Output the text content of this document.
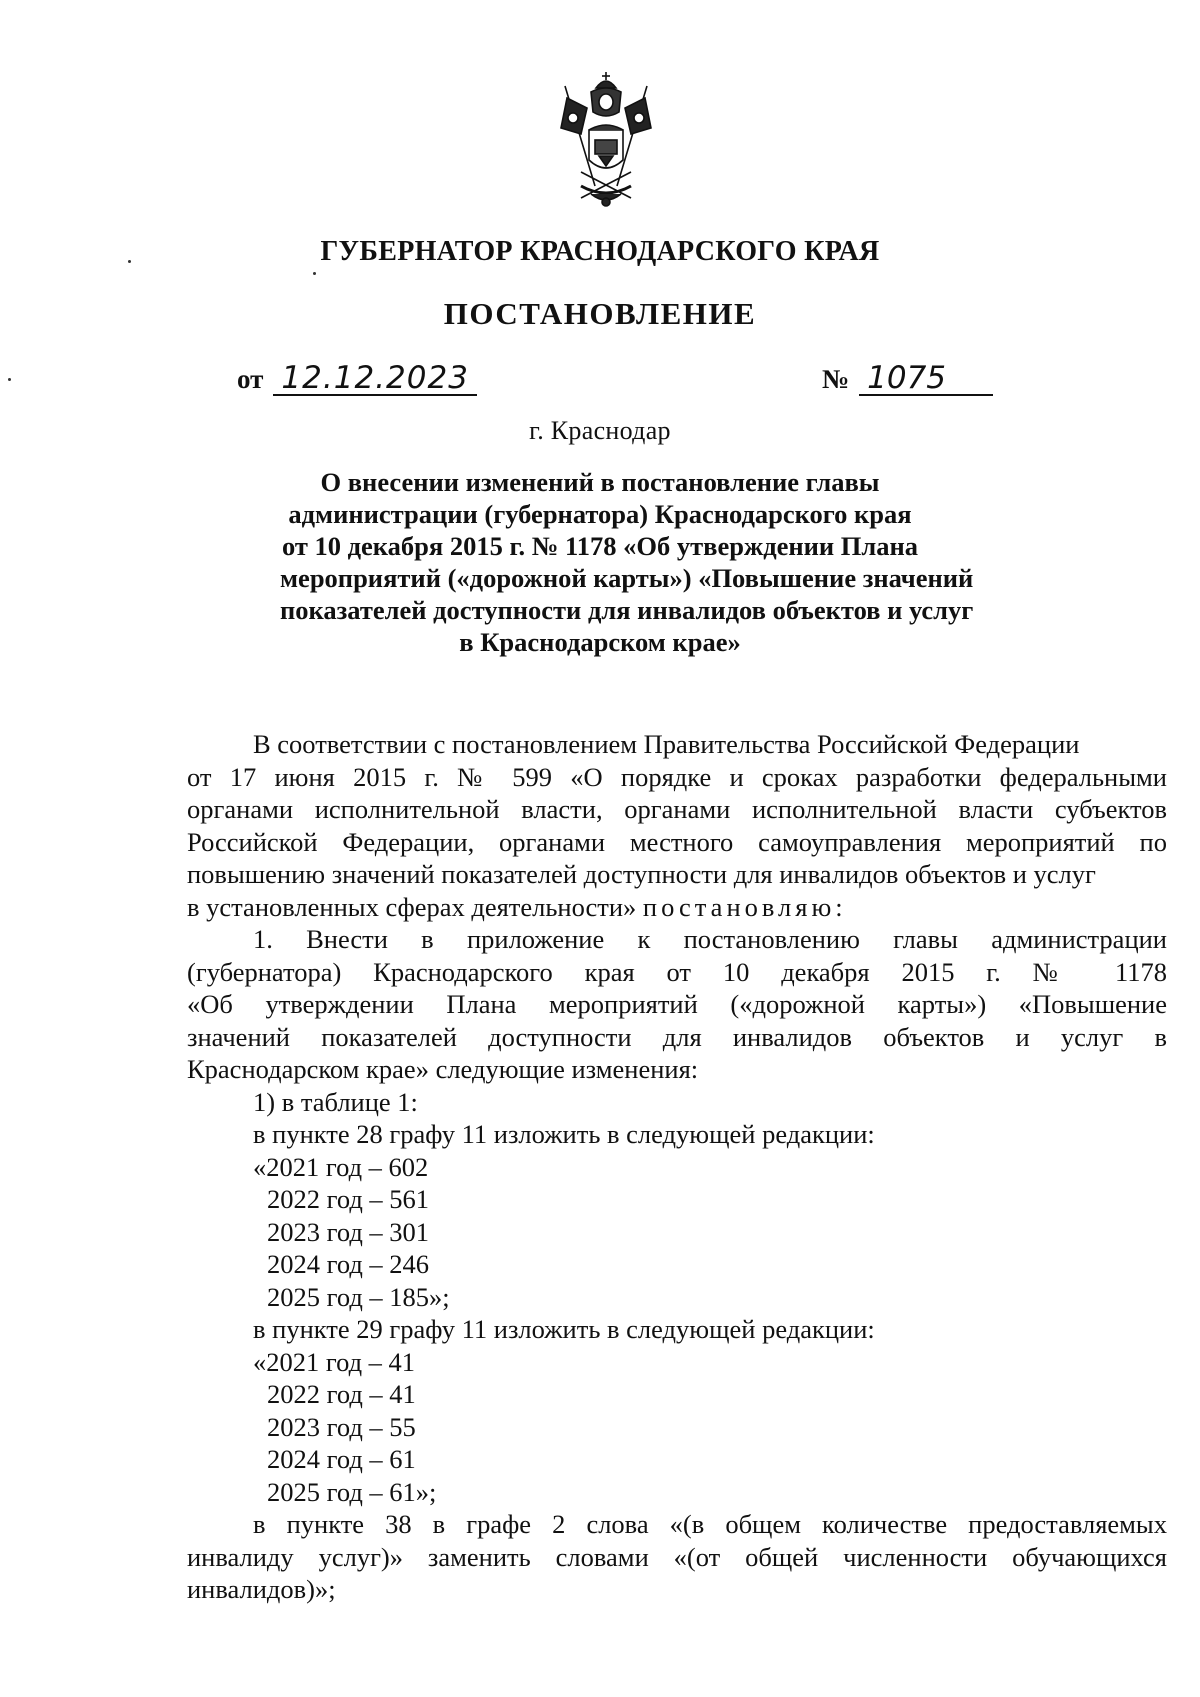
ГУБЕРНАТОР КРАСНОДАРСКОГО КРАЯ
ПОСТАНОВЛЕНИЕ
от 12.12.2023	№ 1075
г. Краснодар
О внесении изменений в постановление главы
администрации (губернатора) Краснодарского края
от 10 декабря 2015 г. № 1178 «Об утверждении Плана
мероприятий («дорожной карты») «Повышение значений
показателей доступности для инвалидов объектов и услуг
в Краснодарском крае»
В соответствии с постановлением Правительства Российской Федерации
от 17 июня 2015 г. № 599 «О порядке и сроках разработки федеральными
органами исполнительной власти, органами исполнительной власти субъектов
Российской Федерации, органами местного самоуправления мероприятий по
повышению значений показателей доступности для инвалидов объектов и услуг
в установленных сферах деятельности» постановляю:
1. Внести в приложение к постановлению главы администрации
(губернатора) Краснодарского края от 10 декабря 2015 г. № 1178
«Об утверждении Плана мероприятий («дорожной карты») «Повышение
значений показателей доступности для инвалидов объектов и услуг в
Краснодарском крае» следующие изменения:
1) в таблице 1:
в пункте 28 графу 11 изложить в следующей редакции:
«2021 год – 602
2022 год – 561
2023 год – 301
2024 год – 246
2025 год – 185»;
в пункте 29 графу 11 изложить в следующей редакции:
«2021 год – 41
2022 год – 41
2023 год – 55
2024 год – 61
2025 год – 61»;
в пункте 38 в графе 2 слова «(в общем количестве предоставляемых
инвалиду услуг)» заменить словами «(от общей численности обучающихся
инвалидов)»;
